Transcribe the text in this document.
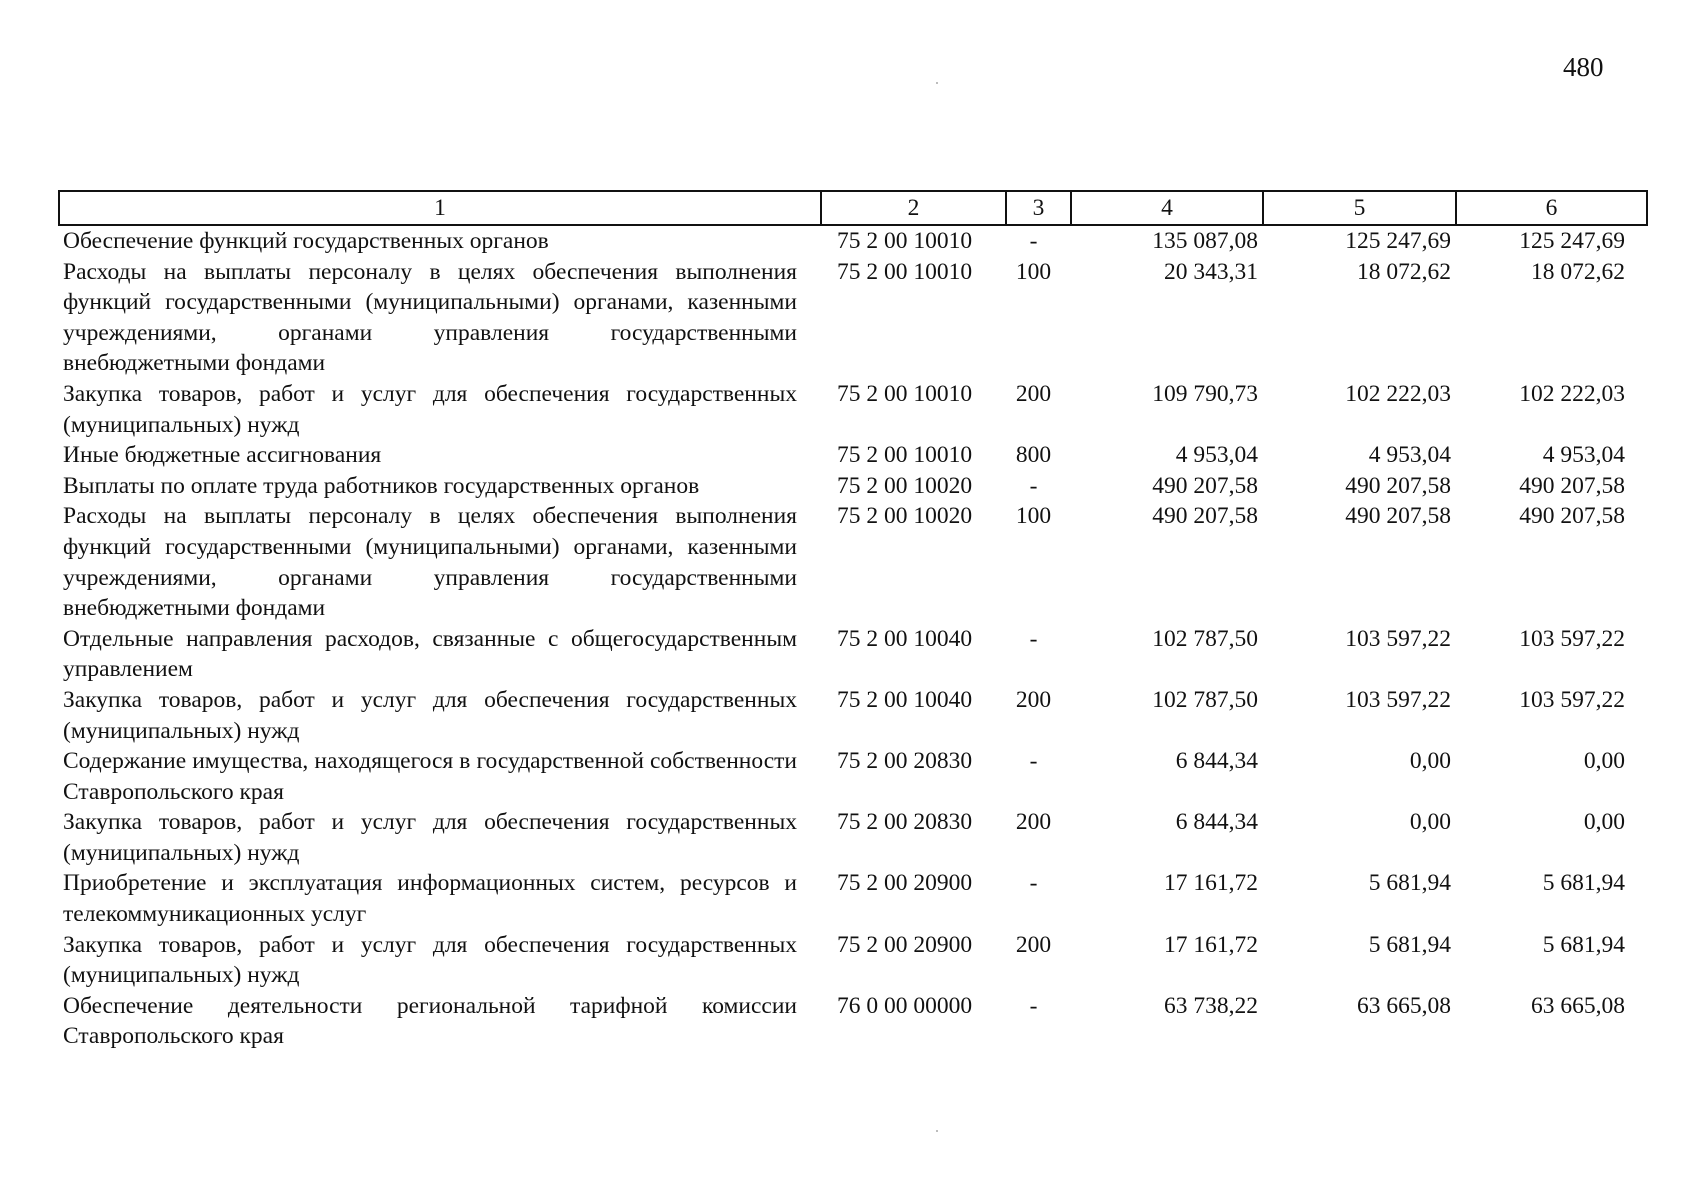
480
1	2	3	4	5	6
Обеспечение функций государственных органов	75 2 00 10010	-	135 087,08	125 247,69	125 247,69
Расходы на выплаты персоналу в целях обеспечения выполнения функций государственными (муниципальными) органами, казенными учреждениями, органами управления государственными внебюджетными фондами	75 2 00 10010	100	20 343,31	18 072,62	18 072,62
Закупка товаров, работ и услуг для обеспечения государственных (муниципальных) нужд	75 2 00 10010	200	109 790,73	102 222,03	102 222,03
Иные бюджетные ассигнования	75 2 00 10010	800	4 953,04	4 953,04	4 953,04
Выплаты по оплате труда работников государственных органов	75 2 00 10020	-	490 207,58	490 207,58	490 207,58
Расходы на выплаты персоналу в целях обеспечения выполнения функций государственными (муниципальными) органами, казенными учреждениями, органами управления государственными внебюджетными фондами	75 2 00 10020	100	490 207,58	490 207,58	490 207,58
Отдельные направления расходов, связанные с общегосударственным управлением	75 2 00 10040	-	102 787,50	103 597,22	103 597,22
Закупка товаров, работ и услуг для обеспечения государственных (муниципальных) нужд	75 2 00 10040	200	102 787,50	103 597,22	103 597,22
Содержание имущества, находящегося в государственной собственности Ставропольского края	75 2 00 20830	-	6 844,34	0,00	0,00
Закупка товаров, работ и услуг для обеспечения государственных (муниципальных) нужд	75 2 00 20830	200	6 844,34	0,00	0,00
Приобретение и эксплуатация информационных систем, ресурсов и телекоммуникационных услуг	75 2 00 20900	-	17 161,72	5 681,94	5 681,94
Закупка товаров, работ и услуг для обеспечения государственных (муниципальных) нужд	75 2 00 20900	200	17 161,72	5 681,94	5 681,94
Обеспечение деятельности региональной тарифной комиссии Ставропольского края	76 0 00 00000	-	63 738,22	63 665,08	63 665,08
